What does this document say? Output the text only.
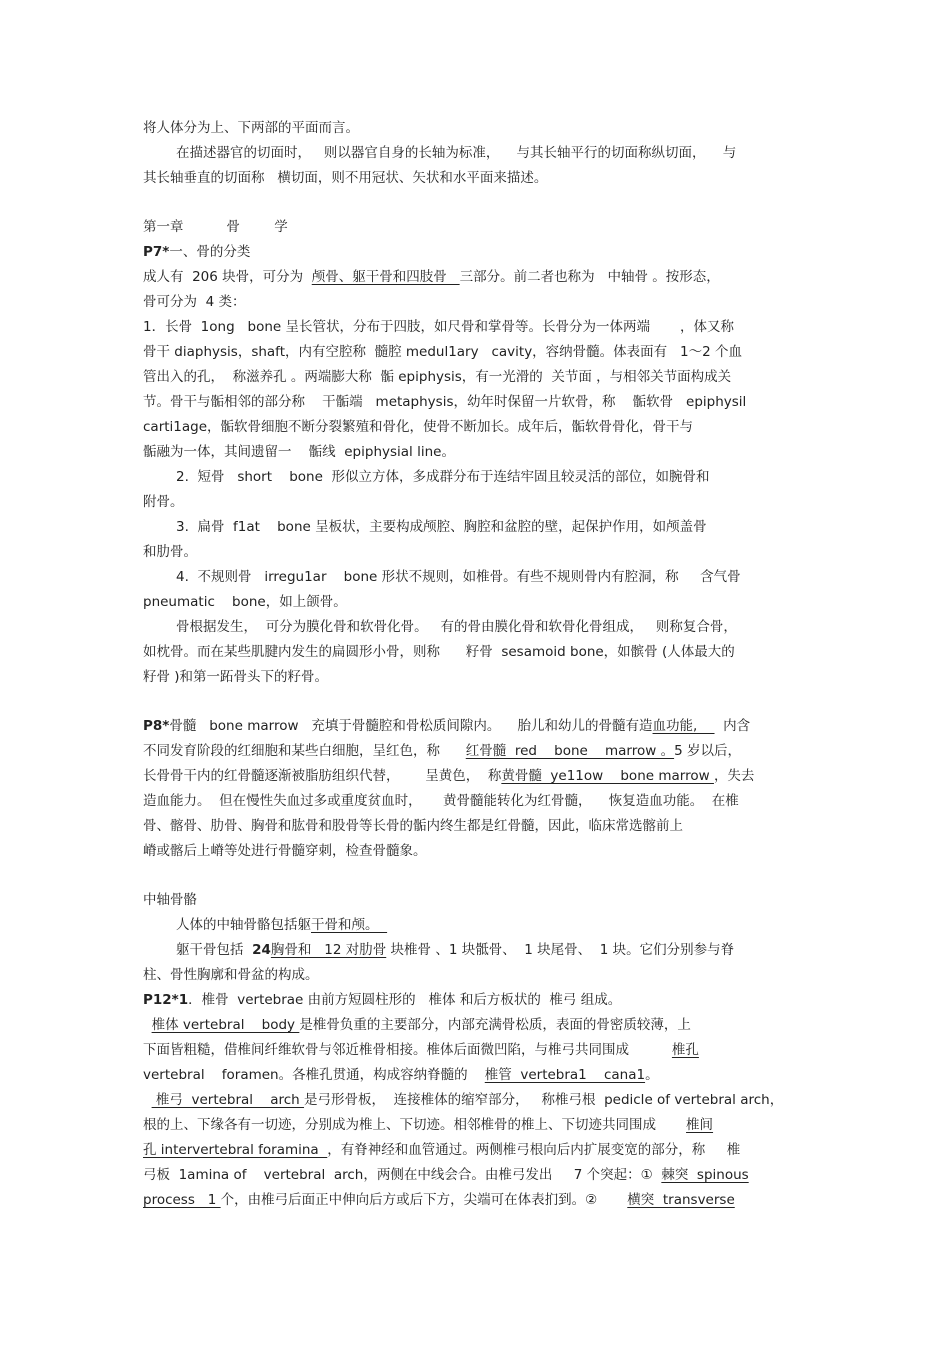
将人体分为上、下两部的平面而言。
在描述器官的切面时，   则以器官自身的长轴为标准，    与其长轴平行的切面称纵切面，    与
其长轴垂直的切面称   横切面，则不用冠状、矢状和水平面来描述。
第一章          骨        学
P7*一、骨的分类
成人有  206 块骨，可分为  颅骨、躯干骨和四肢骨   三部分。前二者也称为   中轴骨 。按形态，
骨可分为  4 类：
1．长骨  1ong   bone 呈长管状，分布于四肢，如尺骨和掌骨等。长骨分为一体两端       ，体又称
骨干 diaphysis，shaft，内有空腔称  髓腔 medul1ary   cavity，容纳骨髓。体表面有   1～2 个血
管出入的孔，  称滋养孔 。两端膨大称  骺 epiphysis，有一光滑的  关节面 ，与相邻关节面构成关
节。骨干与骺相邻的部分称    干骺端   metaphysis，幼年时保留一片软骨，称    骺软骨   epiphysil
carti1age，骺软骨细胞不断分裂繁殖和骨化，使骨不断加长。成年后，骺软骨骨化，骨干与
骺融为一体，其间遗留一    骺线  epiphysial line。
2.  短骨   short    bone  形似立方体，多成群分布于连结牢固且较灵活的部位，如腕骨和
附骨。
3.  扁骨  f1at    bone 呈板状，主要构成颅腔、胸腔和盆腔的壁，起保护作用，如颅盖骨
和肋骨。
4.  不规则骨   irregu1ar    bone 形状不规则，如椎骨。有些不规则骨内有腔洞，称     含气骨
pneumatic    bone，如上颌骨。
骨根据发生，  可分为膜化骨和软骨化骨。   有的骨由膜化骨和软骨化骨组成，   则称复合骨，
如枕骨。而在某些肌腱内发生的扁圆形小骨，则称      籽骨  sesamoid bone，如髌骨 (人体最大的
籽骨 )和第一跖骨头下的籽骨。
P8*骨髓   bone marrow   充填于骨髓腔和骨松质间隙内。    胎儿和幼儿的骨髓有造血功能,      内含
不同发育阶段的红细胞和某些白细胞，呈红色，称      红骨髓  red    bone    marrow 。5 岁以后，
长骨骨干内的红骨髓逐渐被脂肪组织代替，      呈黄色，  称黄骨髓  ye11ow    bone marrow ，失去
造血能力。  但在慢性失血过多或重度贫血时，     黄骨髓能转化为红骨髓，    恢复造血功能。  在椎
骨、髂骨、肋骨、胸骨和肱骨和股骨等长骨的骺内终生都是红骨髓，因此，临床常选髂前上
嵴或髂后上嵴等处进行骨髓穿刺，检查骨髓象。
中轴骨骼
人体的中轴骨骼包括躯干骨和颅。
躯干骨包括  24胸骨和   12 对肋骨 块椎骨 、1 块骶骨、  1 块尾骨、  1 块。它们分别参与脊
柱、骨性胸廓和骨盆的构成。
P12*1．椎骨  vertebrae 由前方短圆柱形的   椎体 和后方板状的  椎弓 组成。
椎体 vertebral    body 是椎骨负重的主要部分，内部充满骨松质，表面的骨密质较薄，上
下面皆粗糙，借椎间纤维软骨与邻近椎骨相接。椎体后面微凹陷，与椎弓共同围成          椎孔
vertebral    foramen。各椎孔贯通，构成容纳脊髓的    椎管  vertebra1    cana1。
椎弓  vertebral    arch 是弓形骨板，  连接椎体的缩窄部分，   称椎弓根  pedicle of vertebral arch，
根的上、下缘各有一切迹，分别成为椎上、下切迹。相邻椎骨的椎上、下切迹共同围成       椎间
孔 intervertebral foramina  ，有脊神经和血管通过。两侧椎弓根向后内扩展变宽的部分，称     椎
弓板  1amina of    vertebral  arch，两侧在中线会合。由椎弓发出     7 个突起：①  棘突  spinous
process   1 个，由椎弓后面正中伸向后方或后下方，尖端可在体表扪到。②       横突  transverse
